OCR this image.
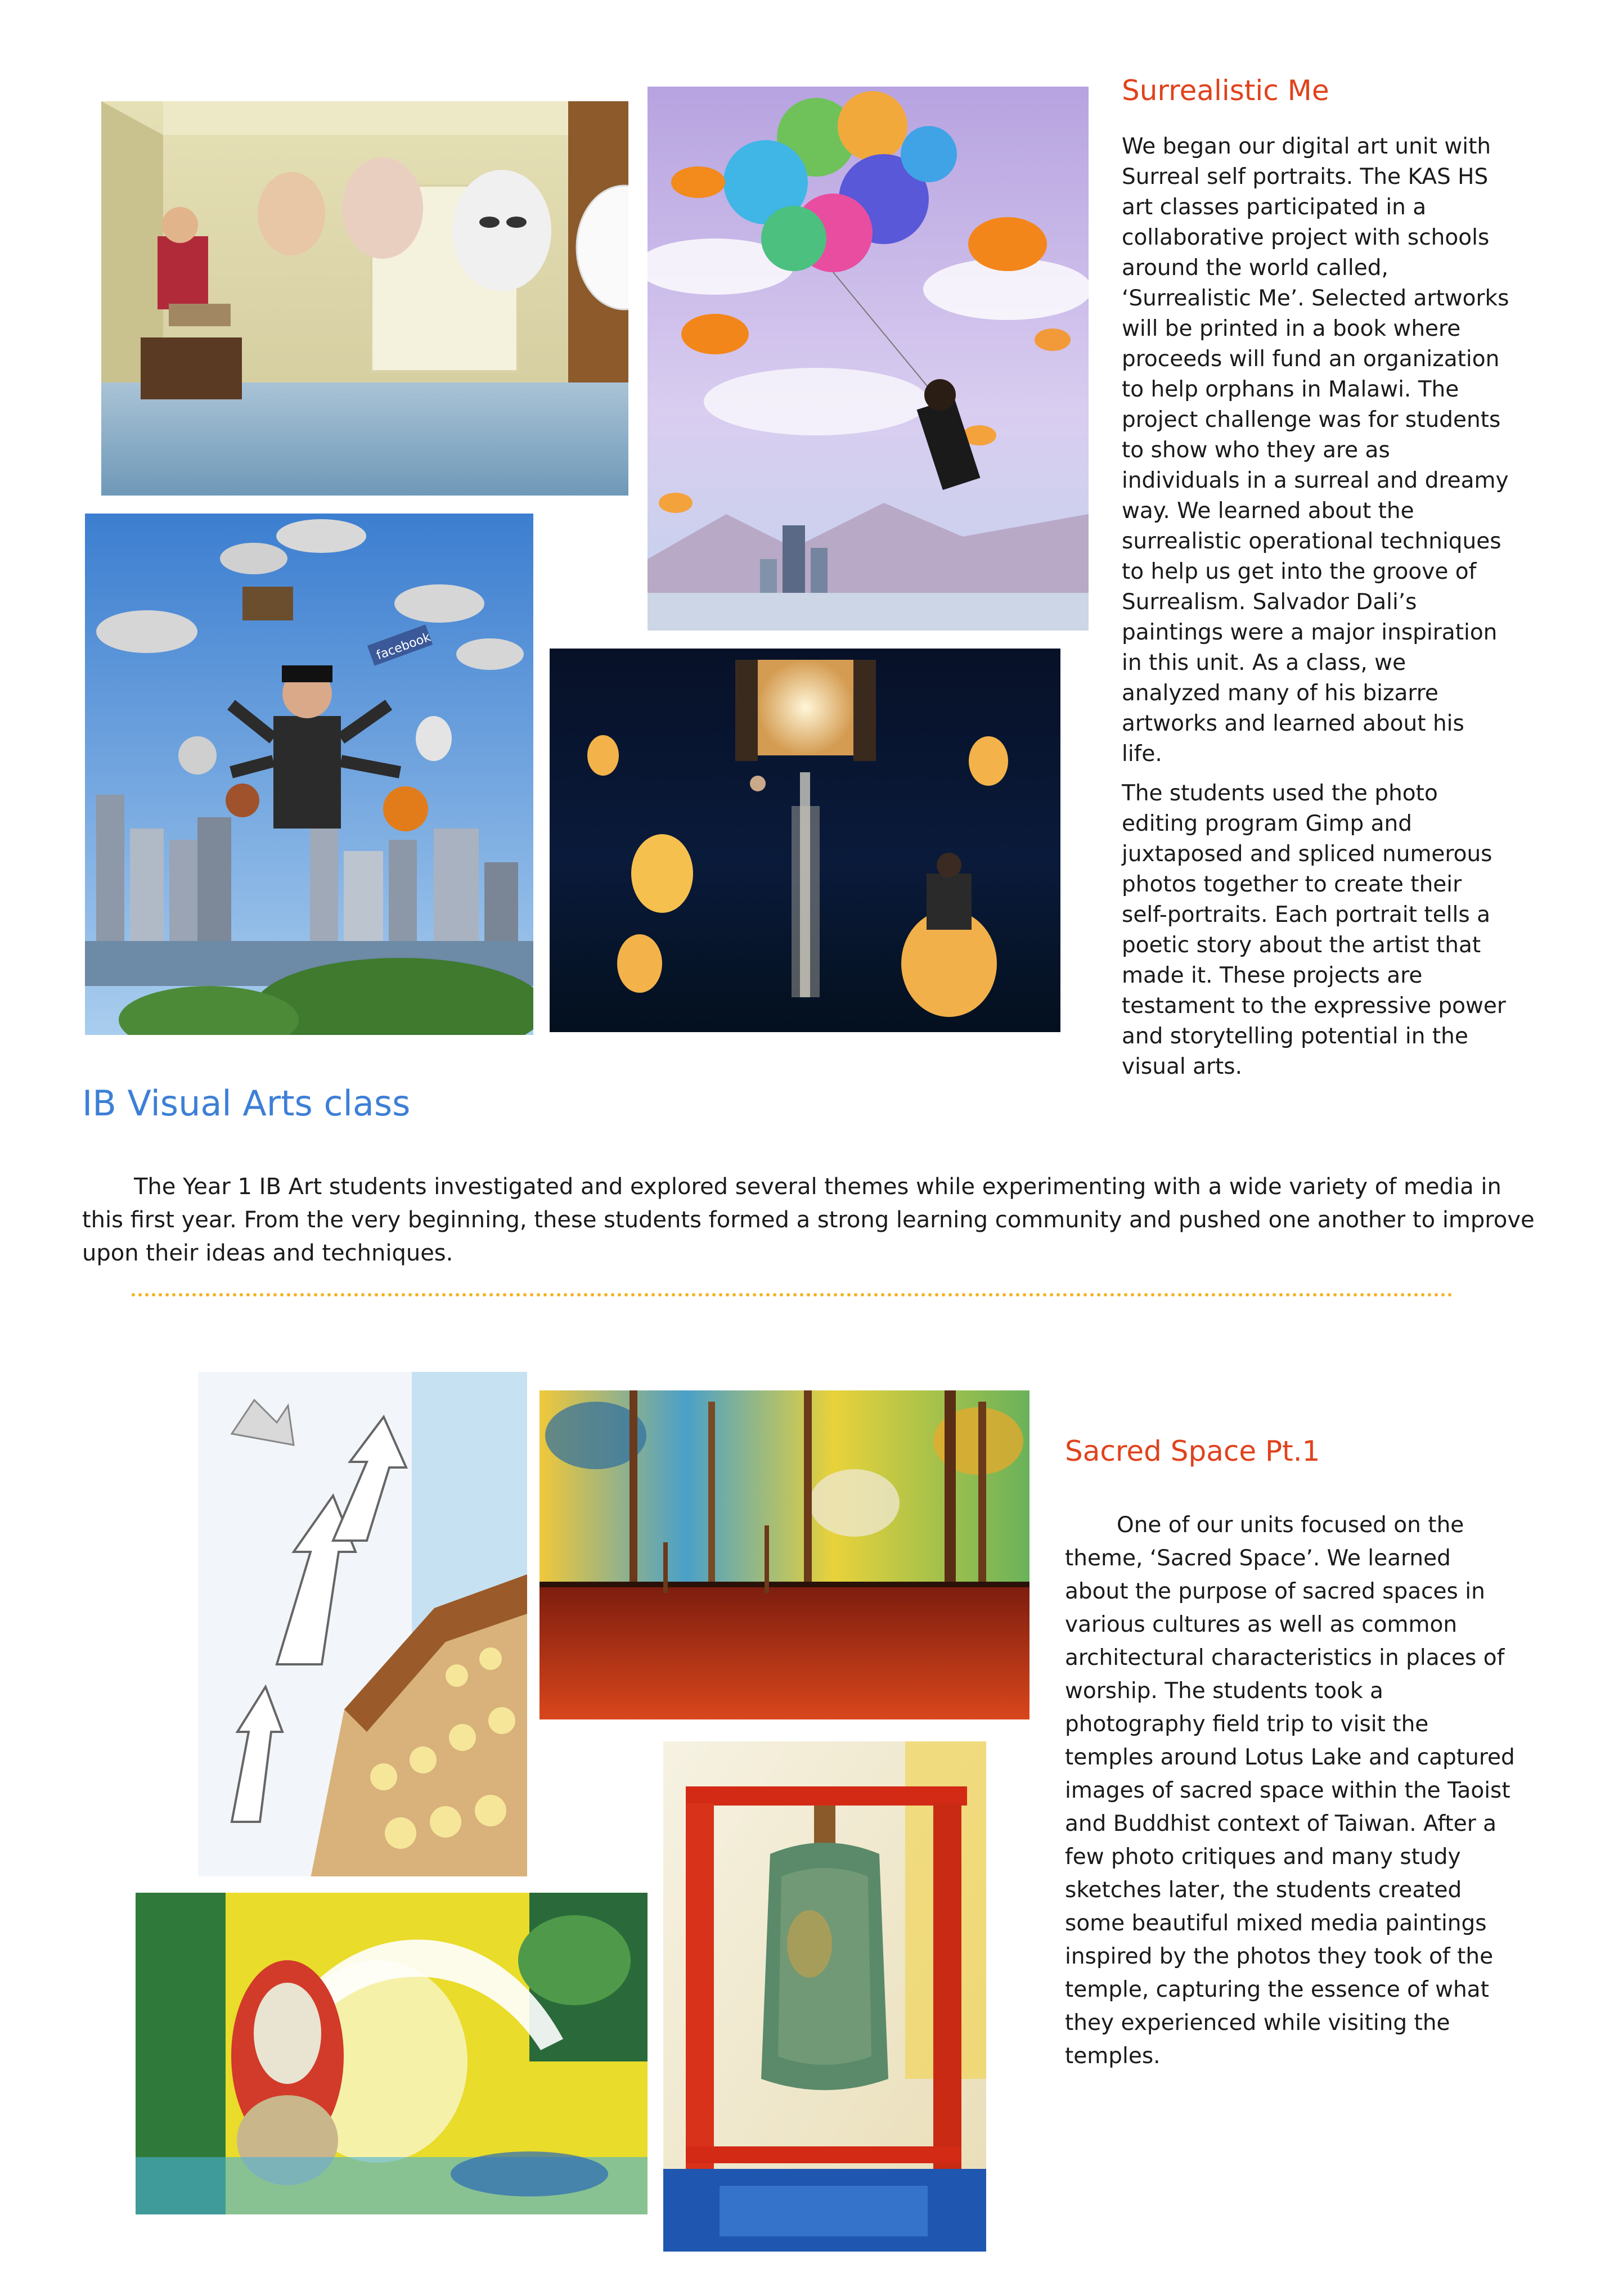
facebook
Surrealistic Me

We began our digital art unit with Surreal self portraits. The KAS HS art classes participated in a collaborative project with schools around the world called, ‘Surrealistic Me’. Selected artworks will be printed in a book where proceeds will fund an organization to help orphans in Malawi. The project challenge was for students to show who they are as individuals in a surreal and dreamy way. We learned about the surrealistic operational techniques to help us get into the groove of Surrealism. Salvador Dali’s paintings were a major inspiration in this unit. As a class, we analyzed many of his bizarre artworks and learned about his life.

The students used the photo editing program Gimp and juxtaposed and spliced numerous photos together to create their self-portraits. Each portrait tells a poetic story about the artist that made it. These projects are testament to the expressive power and storytelling potential in the visual arts.

IB Visual Arts class

The Year 1 IB Art students investigated and explored several themes while experimenting with a wide variety of media in this first year. From the very beginning, these students formed a strong learning community and pushed one another to improve upon their ideas and techniques.

Sacred Space Pt.1

One of our units focused on the theme, ‘Sacred Space’. We learned about the purpose of sacred spaces in various cultures as well as common architectural characteristics in places of worship. The students took a photography field trip to visit the temples around Lotus Lake and captured images of sacred space within the Taoist and Buddhist context of Taiwan. After a few photo critiques and many study sketches later, the students created some beautiful mixed media paintings inspired by the photos they took of the temple, capturing the essence of what they experienced while visiting the temples.
